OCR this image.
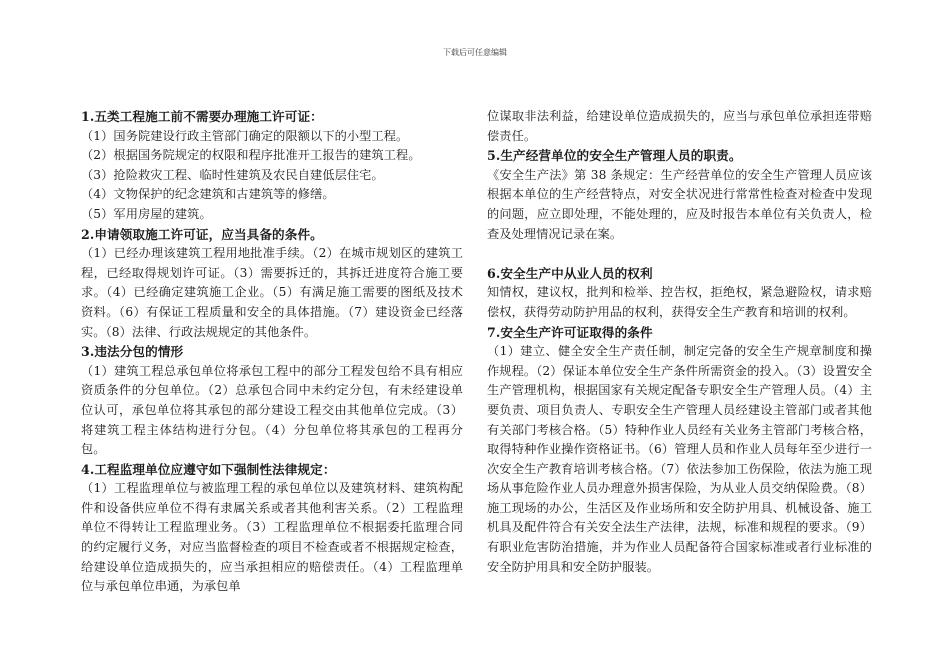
下载后可任意编辑
1.五类工程施工前不需要办理施工许可证：

（1）国务院建设行政主管部门确定的限额以下的小型工程。

（2）根据国务院规定的权限和程序批准开工报告的建筑工程。

（3）抢险救灾工程、临时性建筑及农民自建低层住宅。

（4）文物保护的纪念建筑和古建筑等的修缮。

（5）军用房屋的建筑。

2.申请领取施工许可证，应当具备的条件。

（1）已经办理该建筑工程用地批准手续。（2）在城市规划区的建筑工程，已经取得规划许可证。（3）需要拆迁的，其拆迁进度符合施工要求。（4）已经确定建筑施工企业。（5）有满足施工需要的图纸及技术资料。（6）有保证工程质量和安全的具体措施。（7）建设资金已经落实。（8）法律、行政法规规定的其他条件。

3.违法分包的情形

（1）建筑工程总承包单位将承包工程中的部分工程发包给不具有相应资质条件的分包单位。（2）总承包合同中未约定分包，有未经建设单位认可，承包单位将其承包的部分建设工程交由其他单位完成。（3）将建筑工程主体结构进行分包。（4）分包单位将其承包的工程再分包。

4.工程监理单位应遵守如下强制性法律规定：

（1）工程监理单位与被监理工程的承包单位以及建筑材料、建筑构配件和设备供应单位不得有隶属关系或者其他利害关系。（2）工程监理单位不得转让工程监理业务。（3）工程监理单位不根据委托监理合同的约定履行义务，对应当监督检查的项目不检查或者不根据规定检查，给建设单位造成损失的，应当承担相应的赔偿责任。（4）工程监理单位与承包单位串通，为承包单

位谋取非法利益，给建设单位造成损失的，应当与承包单位承担连带赔偿责任。

5.生产经营单位的安全生产管理人员的职责。

《安全生产法》第 38 条规定：生产经营单位的安全生产管理人员应该根据本单位的生产经营特点，对安全状况进行常常性检查对检查中发现的问题，应立即处理，不能处理的，应及时报告本单位有关负责人，检查及处理情况记录在案。

6.安全生产中从业人员的权利

知情权，建议权，批判和检举、控告权，拒绝权，紧急避险权，请求赔偿权，获得劳动防护用品的权利，获得安全生产教育和培训的权利。

7.安全生产许可证取得的条件

（1）建立、健全安全生产责任制，制定完备的安全生产规章制度和操作规程。（2）保证本单位安全生产条件所需资金的投入。（3）设置安全生产管理机构，根据国家有关规定配备专职安全生产管理人员。（4）主要负责、项目负责人、专职安全生产管理人员经建设主管部门或者其他有关部门考核合格。（5）特种作业人员经有关业务主管部门考核合格，取得特种作业操作资格证书。（6）管理人员和作业人员每年至少进行一次安全生产教育培训考核合格。（7）依法参加工伤保险，依法为施工现场从事危险作业人员办理意外损害保险，为从业人员交纳保险费。（8）施工现场的办公，生活区及作业场所和安全防护用具、机械设备、施工机具及配件符合有关安全法生产法律，法规，标准和规程的要求。（9）有职业危害防治措施，并为作业人员配备符合国家标准或者行业标准的安全防护用具和安全防护服装。
